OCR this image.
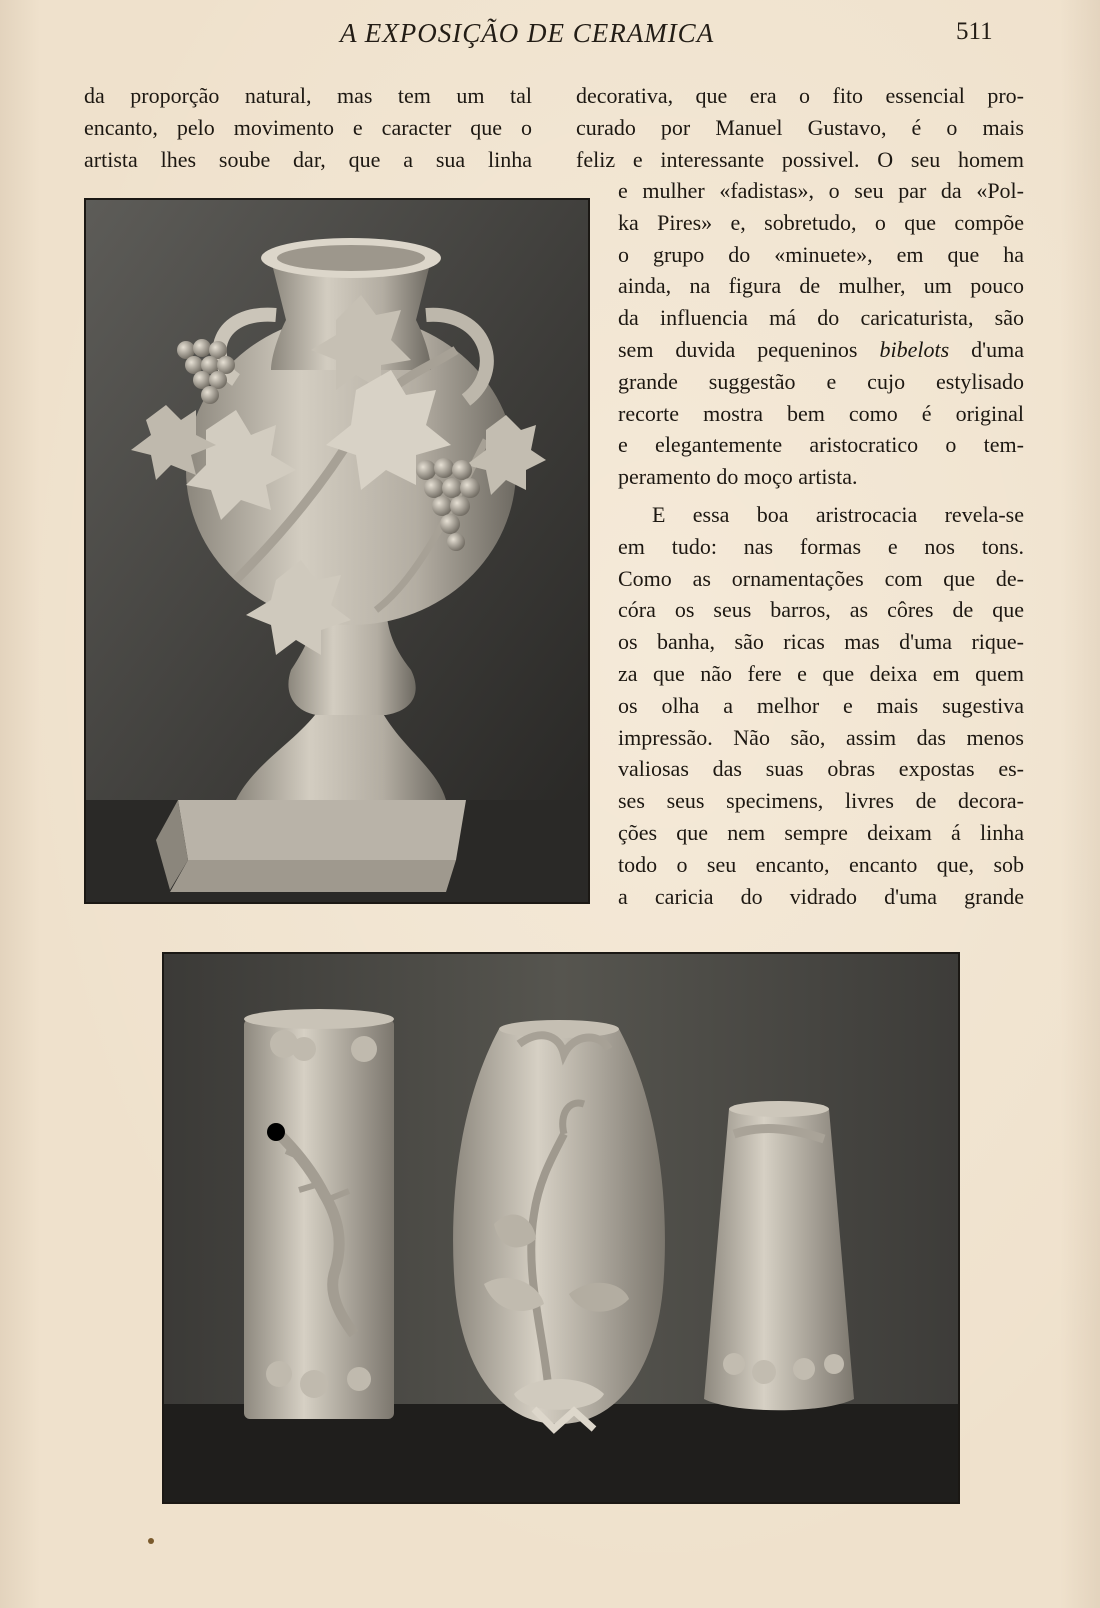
A EXPOSIÇÃO DE CERAMICA	511
da proporção natural, mas tem um tal
encanto, pelo movimento e caracter que o
artista lhes soube dar, que a sua linha
decorativa, que era o fito essencial pro-
curado por Manuel Gustavo, é o mais
feliz e interessante possivel. O seu homem
e mulher «fadistas», o seu par da «Pol-
ka Pires» e, sobretudo, o que compõe
o grupo do «minuete», em que ha
ainda, na figura de mulher, um pouco
da influencia má do caricaturista, são
sem duvida pequeninos bibelots d'uma
grande suggestão e cujo estylisado
recorte mostra bem como é original
e elegantemente aristocratico o tem-
peramento do moço artista.
E essa boa aristrocacia revela-se
em tudo: nas formas e nos tons.
Como as ornamentações com que de-
córa os seus barros, as côres de que
os banha, são ricas mas d'uma rique-
za que não fere e que deixa em quem
os olha a melhor e mais sugestiva
impressão. Não são, assim das menos
valiosas das suas obras expostas es-
ses seus specimens, livres de decora-
ções que nem sempre deixam á linha
todo o seu encanto, encanto que, sob
a caricia do vidrado d'uma grande
